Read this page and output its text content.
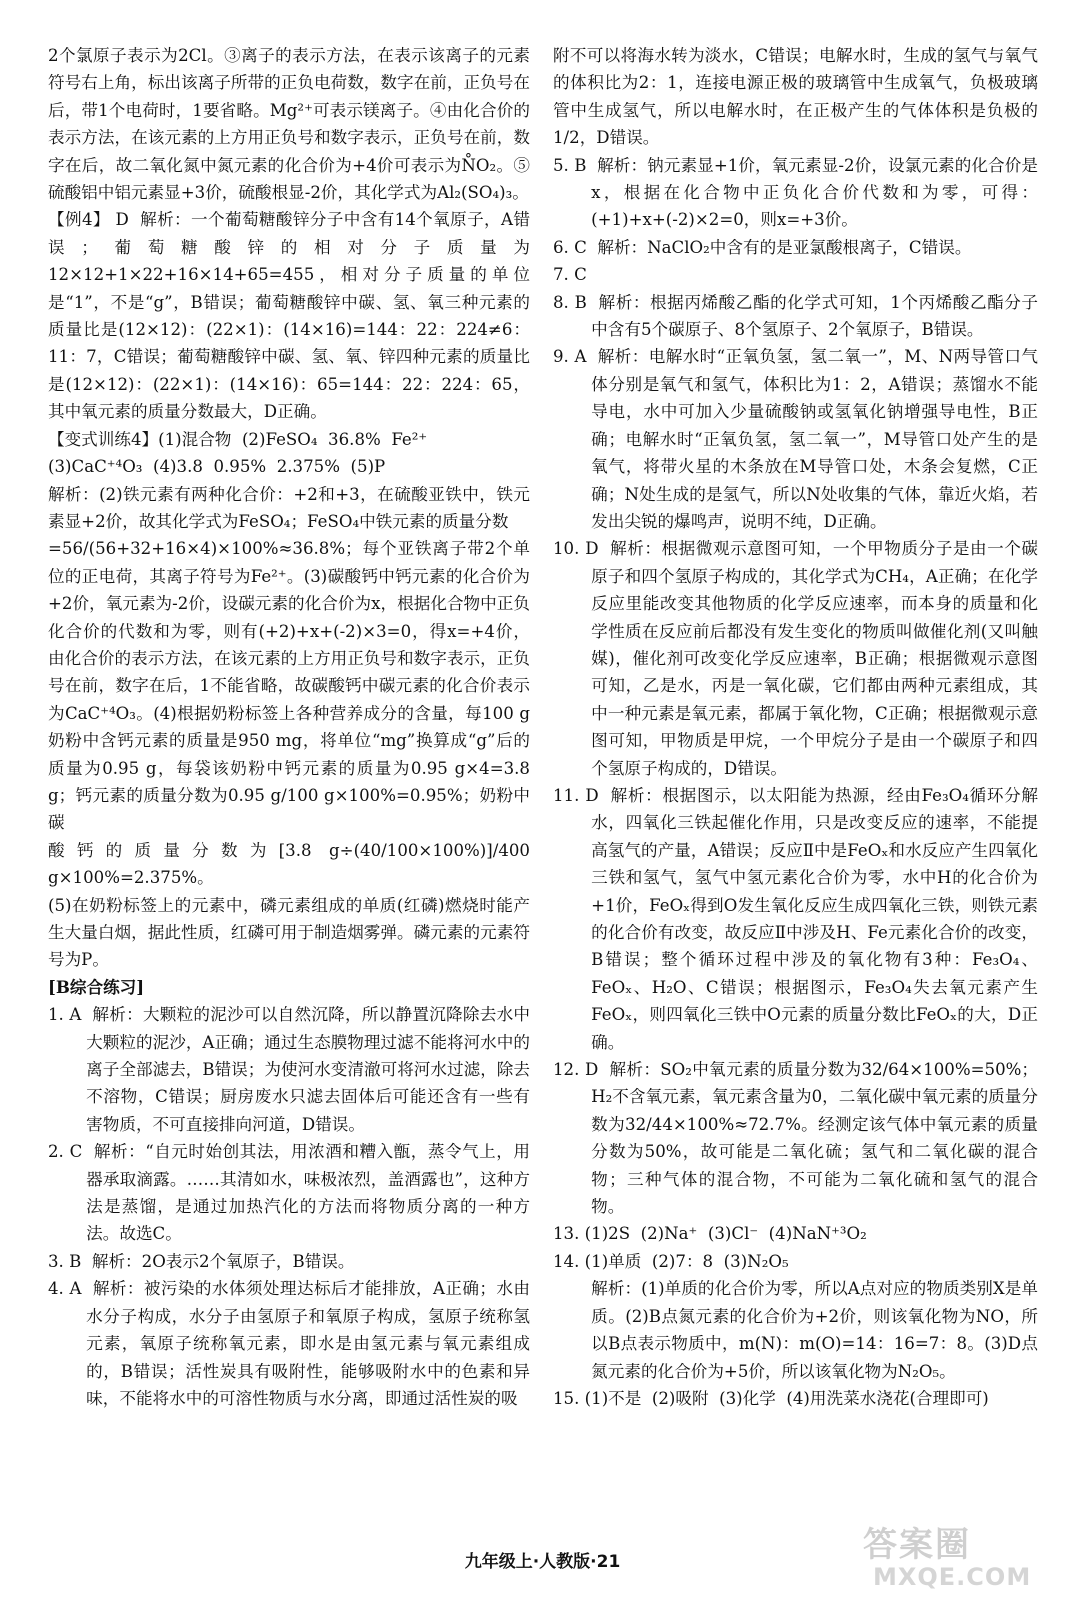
2个氯原子表示为2Cl。③离子的表示方法，在表示该离子的元素符号右上角，标出该离子所带的正负电荷数，数字在前，正负号在后，带1个电荷时，1要省略。Mg²⁺可表示镁离子。④由化合价的表示方法，在该元素的上方用正负号和数字表示，正负号在前，数字在后，故二氧化氮中氮元素的化合价为+4价可表示为N̊O₂。⑤硫酸铝中铝元素显+3价，硫酸根显-2价，其化学式为Al₂(SO₄)₃。

【例4】 D  解析：一个葡萄糖酸锌分子中含有14个氧原子，A错误；葡萄糖酸锌的相对分子质量为12×12+1×22+16×14+65=455，相对分子质量的单位是“1”，不是“g”，B错误；葡萄糖酸锌中碳、氢、氧三种元素的质量比是(12×12)：(22×1)：(14×16)=144：22：224≠6：11：7，C错误；葡萄糖酸锌中碳、氢、氧、锌四种元素的质量比是(12×12)：(22×1)：(14×16)：65=144：22：224：65，其中氧元素的质量分数最大，D正确。

【变式训练4】(1)混合物  (2)FeSO₄  36.8%  Fe²⁺

(3)CaC⁺⁴O₃  (4)3.8  0.95%  2.375%  (5)P

解析：(2)铁元素有两种化合价：+2和+3，在硫酸亚铁中，铁元素显+2价，故其化学式为FeSO₄；FeSO₄中铁元素的质量分数

=56/(56+32+16×4)×100%≈36.8%；每个亚铁离子带2个单位的正电荷，其离子符号为Fe²⁺。(3)碳酸钙中钙元素的化合价为+2价，氧元素为-2价，设碳元素的化合价为x，根据化合物中正负化合价的代数和为零，则有(+2)+x+(-2)×3=0，得x=+4价，由化合价的表示方法，在该元素的上方用正负号和数字表示，正负号在前，数字在后，1不能省略，故碳酸钙中碳元素的化合价表示为CaC⁺⁴O₃。(4)根据奶粉标签上各种营养成分的含量，每100 g奶粉中含钙元素的质量是950 mg，将单位“mg”换算成“g”后的质量为0.95 g，每袋该奶粉中钙元素的质量为0.95 g×4=3.8 g；钙元素的质量分数为0.95 g/100 g×100%=0.95%；奶粉中碳

酸钙的质量分数为[3.8 g÷(40/100×100%)]/400 g×100%=2.375%。

(5)在奶粉标签上的元素中，磷元素组成的单质(红磷)燃烧时能产生大量白烟，据此性质，红磷可用于制造烟雾弹。磷元素的元素符号为P。

[B综合练习]

1. A  解析：大颗粒的泥沙可以自然沉降，所以静置沉降除去水中大颗粒的泥沙，A正确；通过生态膜物理过滤不能将河水中的离子全部滤去，B错误；为使河水变清澈可将河水过滤，除去不溶物，C错误；厨房废水只滤去固体后可能还含有一些有害物质，不可直接排向河道，D错误。

2. C  解析：“自元时始创其法，用浓酒和糟入甑，蒸令气上，用器承取滴露。……其清如水，味极浓烈，盖酒露也”，这种方法是蒸馏，是通过加热汽化的方法而将物质分离的一种方法。故选C。

3. B  解析：2O表示2个氧原子，B错误。

4. A  解析：被污染的水体须处理达标后才能排放，A正确；水由水分子构成，水分子由氢原子和氧原子构成，氢原子统称氢元素，氧原子统称氧元素，即水是由氢元素与氧元素组成的，B错误；活性炭具有吸附性，能够吸附水中的色素和异味，不能将水中的可溶性物质与水分离，即通过活性炭的吸

附不可以将海水转为淡水，C错误；电解水时，生成的氢气与氧气的体积比为2：1，连接电源正极的玻璃管中生成氧气，负极玻璃管中生成氢气，所以电解水时，在正极产生的气体体积是负极的1/2，D错误。

5. B  解析：钠元素显+1价，氧元素显-2价，设氯元素的化合价是x，根据在化合物中正负化合价代数和为零，可得：(+1)+x+(-2)×2=0，则x=+3价。

6. C  解析：NaClO₂中含有的是亚氯酸根离子，C错误。

7. C

8. B  解析：根据丙烯酸乙酯的化学式可知，1个丙烯酸乙酯分子中含有5个碳原子、8个氢原子、2个氧原子，B错误。

9. A  解析：电解水时“正氧负氢，氢二氧一”，M、N两导管口气体分别是氧气和氢气，体积比为1：2，A错误；蒸馏水不能导电，水中可加入少量硫酸钠或氢氧化钠增强导电性，B正确；电解水时“正氧负氢，氢二氧一”，M导管口处产生的是氧气，将带火星的木条放在M导管口处，木条会复燃，C正确；N处生成的是氢气，所以N处收集的气体，靠近火焰，若发出尖锐的爆鸣声，说明不纯，D正确。

10. D  解析：根据微观示意图可知，一个甲物质分子是由一个碳原子和四个氢原子构成的，其化学式为CH₄，A正确；在化学反应里能改变其他物质的化学反应速率，而本身的质量和化学性质在反应前后都没有发生变化的物质叫做催化剂(又叫触媒)，催化剂可改变化学反应速率，B正确；根据微观示意图可知，乙是水，丙是一氧化碳，它们都由两种元素组成，其中一种元素是氧元素，都属于氧化物，C正确；根据微观示意图可知，甲物质是甲烷，一个甲烷分子是由一个碳原子和四个氢原子构成的，D错误。

11. D  解析：根据图示，以太阳能为热源，经由Fe₃O₄循环分解水，四氧化三铁起催化作用，只是改变反应的速率，不能提高氢气的产量，A错误；反应Ⅱ中是FeOₓ和水反应产生四氧化三铁和氢气，氢气中氢元素化合价为零，水中H的化合价为+1价，FeOₓ得到O发生氧化反应生成四氧化三铁，则铁元素的化合价有改变，故反应Ⅱ中涉及H、Fe元素化合价的改变，B错误；整个循环过程中涉及的氧化物有3种：Fe₃O₄、FeOₓ、H₂O、C错误；根据图示，Fe₃O₄失去氧元素产生FeOₓ，则四氧化三铁中O元素的质量分数比FeOₓ的大，D正确。

12. D  解析：SO₂中氧元素的质量分数为32/64×100%=50%；H₂不含氧元素，氧元素含量为0，二氧化碳中氧元素的质量分数为32/44×100%≈72.7%。经测定该气体中氧元素的质量分数为50%，故可能是二氧化硫；氢气和二氧化碳的混合物；三种气体的混合物，不可能为二氧化硫和氢气的混合物。

13. (1)2S  (2)Na⁺  (3)Cl⁻  (4)NaN⁺³O₂

14. (1)单质  (2)7：8  (3)N₂O₅
解析：(1)单质的化合价为零，所以A点对应的物质类别X是单质。(2)B点氮元素的化合价为+2价，则该氧化物为NO，所以B点表示物质中，m(N)：m(O)=14：16=7：8。(3)D点氮元素的化合价为+5价，所以该氧化物为N₂O₅。

15. (1)不是  (2)吸附  (3)化学  (4)用洗菜水浇花(合理即可)

九年级上·人教版·21	答案圈
MXQE.COM
